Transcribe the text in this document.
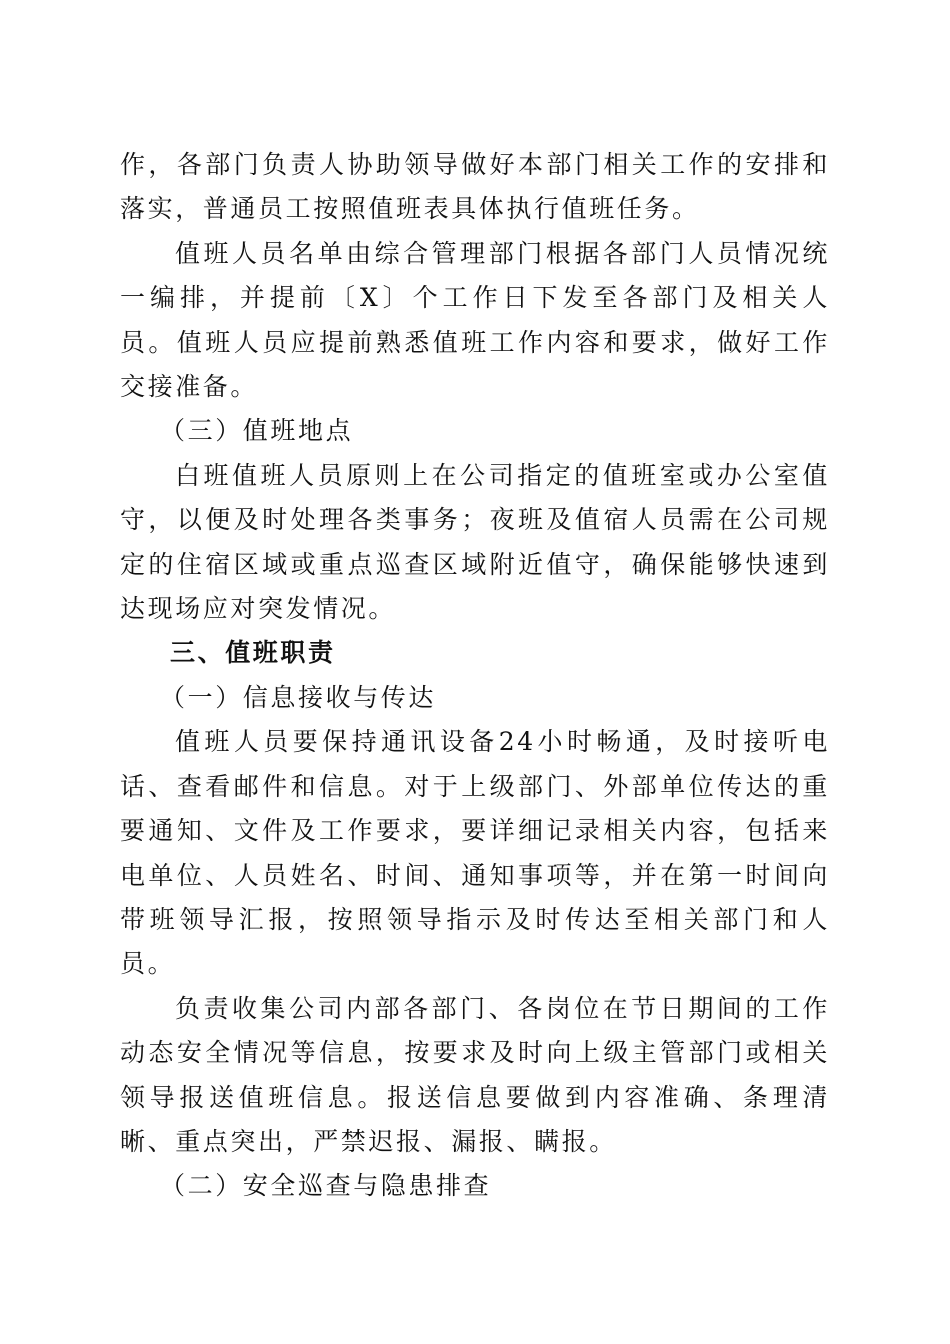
作，各部门负责人协助领导做好本部门相关工作的安排和落实，普通员工按照值班表具体执行值班任务。

值班人员名单由综合管理部门根据各部门人员情况统一编排，并提前〔X〕个工作日下发至各部门及相关人员。值班人员应提前熟悉值班工作内容和要求，做好工作交接准备。

（三）值班地点

白班值班人员原则上在公司指定的值班室或办公室值守，以便及时处理各类事务；夜班及值宿人员需在公司规定的住宿区域或重点巡查区域附近值守，确保能够快速到达现场应对突发情况。

三、值班职责

（一）信息接收与传达

值班人员要保持通讯设备24小时畅通，及时接听电话、查看邮件和信息。对于上级部门、外部单位传达的重要通知、文件及工作要求，要详细记录相关内容，包括来电单位、人员姓名、时间、通知事项等，并在第一时间向带班领导汇报，按照领导指示及时传达至相关部门和人员。

负责收集公司内部各部门、各岗位在节日期间的工作动态安全情况等信息，按要求及时向上级主管部门或相关领导报送值班信息。报送信息要做到内容准确、条理清晰、重点突出，严禁迟报、漏报、瞒报。

（二）安全巡查与隐患排查
